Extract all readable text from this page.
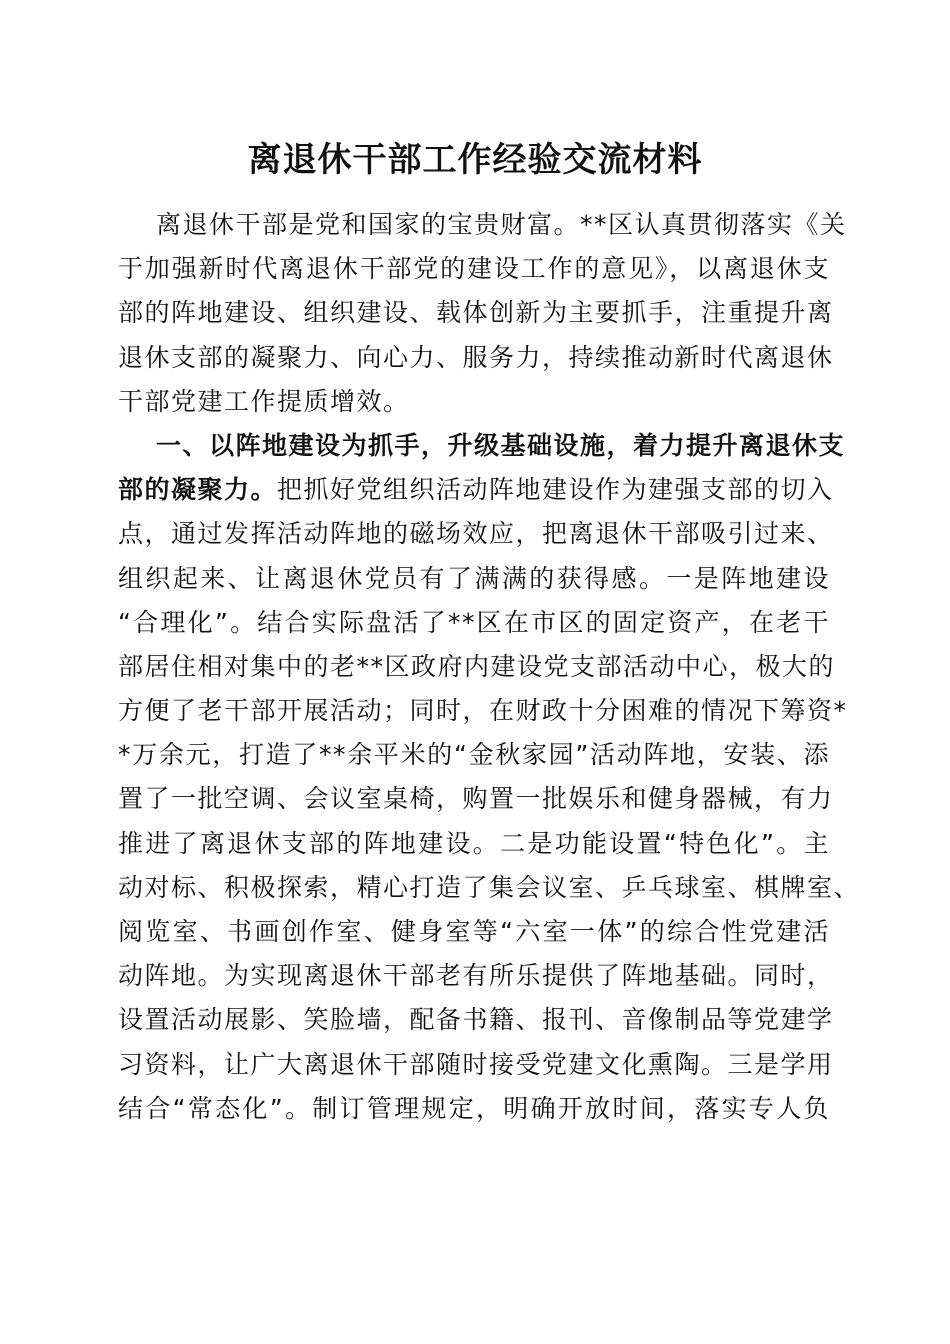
离退休干部工作经验交流材料
离退休干部是党和国家的宝贵财富。**区认真贯彻落实《关
于加强新时代离退休干部党的建设工作的意见》，以离退休支
部的阵地建设、组织建设、载体创新为主要抓手，注重提升离
退休支部的凝聚力、向心力、服务力，持续推动新时代离退休
干部党建工作提质增效。
一、以阵地建设为抓手，升级基础设施，着力提升离退休支
部的凝聚力。把抓好党组织活动阵地建设作为建强支部的切入
点，通过发挥活动阵地的磁场效应，把离退休干部吸引过来、
组织起来、让离退休党员有了满满的获得感。一是阵地建设
“合理化”。结合实际盘活了**区在市区的固定资产，在老干
部居住相对集中的老**区政府内建设党支部活动中心，极大的
方便了老干部开展活动；同时，在财政十分困难的情况下筹资*
*万余元，打造了**余平米的“金秋家园”活动阵地，安装、添
置了一批空调、会议室桌椅，购置一批娱乐和健身器械，有力
推进了离退休支部的阵地建设。二是功能设置“特色化”。主
动对标、积极探索，精心打造了集会议室、乒乓球室、棋牌室、
阅览室、书画创作室、健身室等“六室一体”的综合性党建活
动阵地。为实现离退休干部老有所乐提供了阵地基础。同时，
设置活动展影、笑脸墙，配备书籍、报刊、音像制品等党建学
习资料，让广大离退休干部随时接受党建文化熏陶。三是学用
结合“常态化”。制订管理规定，明确开放时间，落实专人负
